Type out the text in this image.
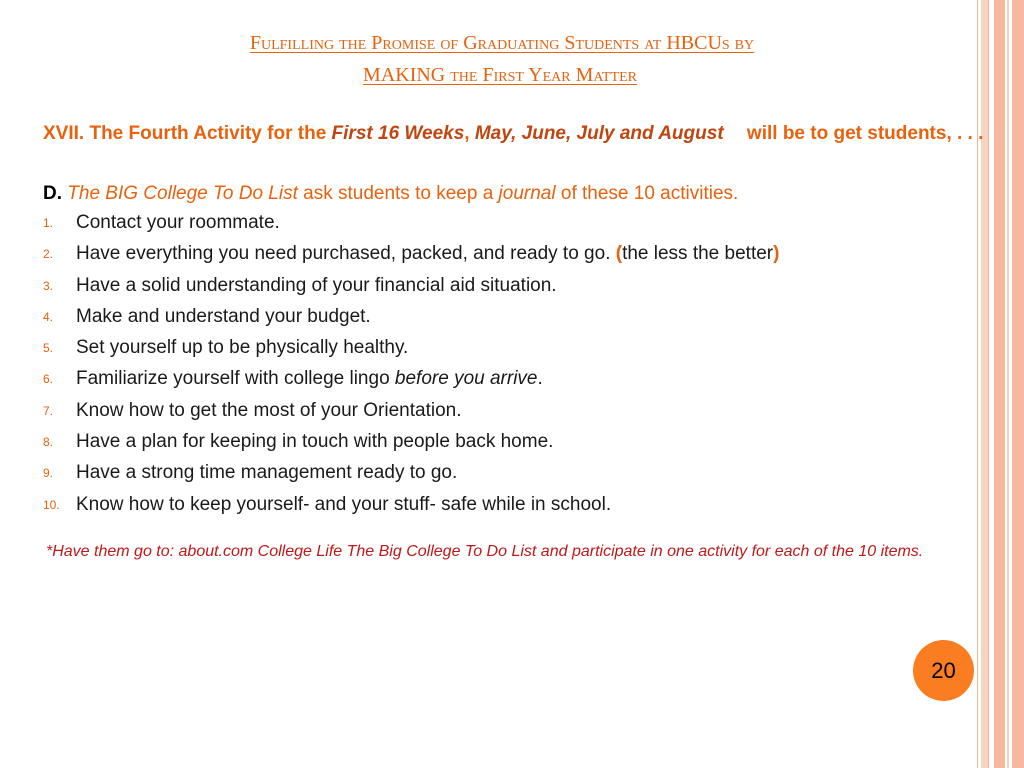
Fulfilling the Promise of Graduating Students at HBCUs by
MAKING the First Year Matter
XVII. The Fourth Activity for the First 16 Weeks, May, June, July and August will be to get students, . . .
D. The BIG College To Do List ask students to keep a journal of these 10 activities.
1. Contact your roommate.
2. Have everything you need purchased, packed, and ready to go. (the less the better)
3. Have a solid understanding of your financial aid situation.
4. Make and understand your budget.
5. Set yourself up to be physically healthy.
6. Familiarize yourself with college lingo before you arrive.
7. Know how to get the most of your Orientation.
8. Have a plan for keeping in touch with people back home.
9. Have a strong time management ready to go.
10. Know how to keep yourself- and your stuff- safe while in school.
*Have them go to: about.com College Life The Big College To Do List and participate in one activity for each of the 10 items.
20
